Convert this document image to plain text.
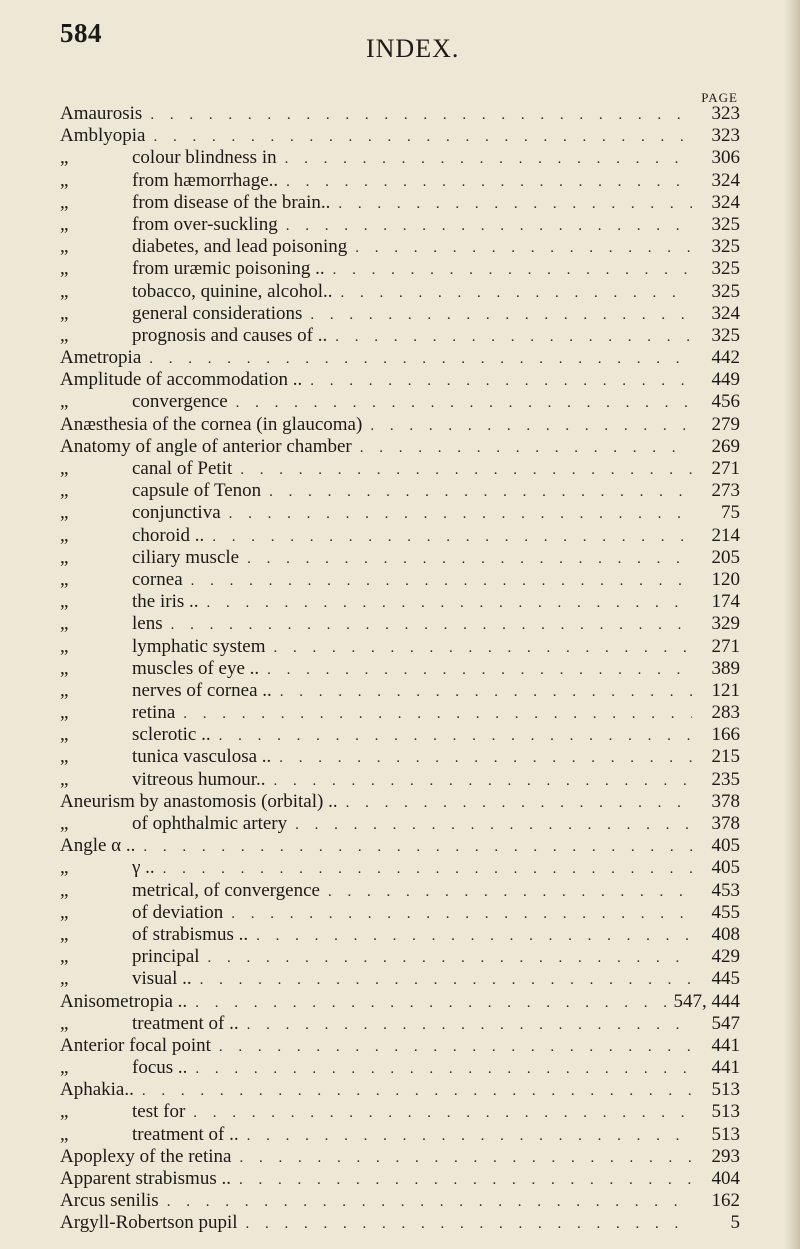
584
INDEX.
PAGE
Amaurosis . . .	323
Amblyopia . . .	323
„	colour blindness in . . .	306
„	from hæmorrhage.. . . .	324
„	from disease of the brain.. . . .	324
„	from over-suckling . . .	325
„	diabetes, and lead poisoning . . .	325
„	from uræmic poisoning .. . . .	325
„	tobacco, quinine, alcohol.. . . .	325
„	general considerations . . .	324
„	prognosis and causes of .. . . .	325
Ametropia . . .	442
Amplitude of accommodation .. . . .	449
„	convergence . . .	456
Anæsthesia of the cornea (in glaucoma) . . .	279
Anatomy of angle of anterior chamber . . .	269
„	canal of Petit . . .	271
„	capsule of Tenon . . .	273
„	conjunctiva . . .	75
„	choroid .. . . .	214
„	ciliary muscle . . .	205
„	cornea . . .	120
„	the iris .. . . .	174
„	lens . . .	329
„	lymphatic system . . .	271
„	muscles of eye .. . . .	389
„	nerves of cornea .. . . .	121
„	retina . . .	283
„	sclerotic .. . . .	166
„	tunica vasculosa .. . . .	215
„	vitreous humour.. . . .	235
Aneurism by anastomosis (orbital) .. . . .	378
„	of ophthalmic artery . . .	378
Angle α .. . . .	405
„	γ .. . . .	405
„	metrical, of convergence . . .	453
„	of deviation . . .	455
„	of strabismus .. . . .	408
„	principal . . .	429
„	visual .. . . .	445
Anisometropia .. . . .	547, 444
„	treatment of .. . . .	547
Anterior focal point . . .	441
„	focus .. . . .	441
Aphakia.. . . .	513
„	test for . . .	513
„	treatment of .. . . .	513
Apoplexy of the retina . . .	293
Apparent strabismus .. . . .	404
Arcus senilis . . .	162
Argyll-Robertson pupil . . .	5
